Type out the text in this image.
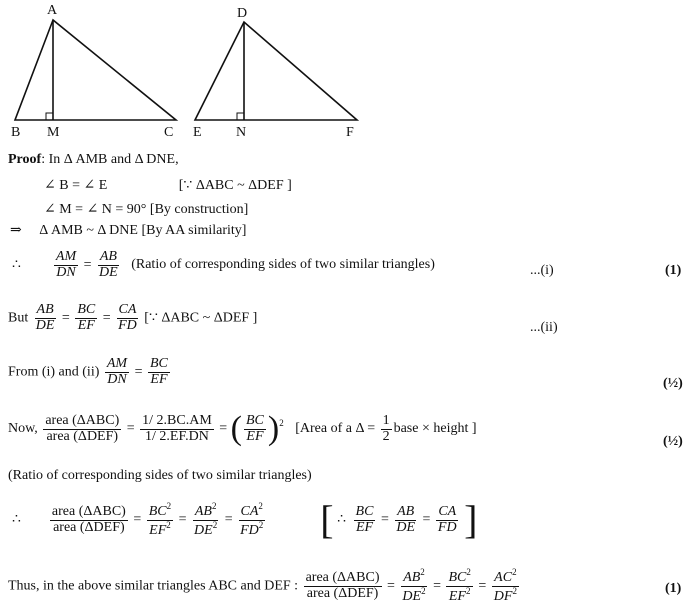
A
B M	C
D
E N	F
Proof: In Δ AMB and Δ DNE,
∠ B = ∠ E	[∵ ΔABC ~ ΔDEF ]
∠ M = ∠ N = 90° [By construction]
⇒ Δ AMB ~ Δ DNE [By AA similarity]
∴ $\frac{AM}{DN} = \frac{AB}{DE}$ (Ratio of corresponding sides of two similar triangles)	...(i)	(1)
But $\frac{AB}{DE} = \frac{BC}{EF} = \frac{CA}{FD}$ [∵ ΔABC ~ ΔDEF ]
...(ii)
From (i) and $(ii) \frac{AM}{DN} = \frac{BC}{EF}$	(½)
Now, $\frac{\text{area (ΔABC)}}{\text{area (ΔDEF)}} = \frac{1/ 2.BC.AM}{1/ 2.EF.DN}$ = ( $\frac{BC}{EF} )^2$ [Area of a $\Delta = \frac{1}{2}$ base × height ]
(½)
(Ratio of corresponding sides of two similar triangles)
∴ $\frac{\text{area (ΔABC)}}{\text{area (ΔDEF)}} = \frac{BC^2}{EF^2} = \frac{AB^2}{DE^2} = \frac{CA^2}{FD^2}$ [ ∴ $\frac{BC}{EF} = \frac{AB}{DE} = \frac{CA}{FD}$ ]
Thus, in the above similar triangles ABC and DEF : $\frac{\text{area (ΔABC)}}{\text{area (ΔDEF)}} = \frac{AB^2}{DE^2} = \frac{BC^2}{EF^2} = \frac{AC^2}{DF^2}$	(1)
